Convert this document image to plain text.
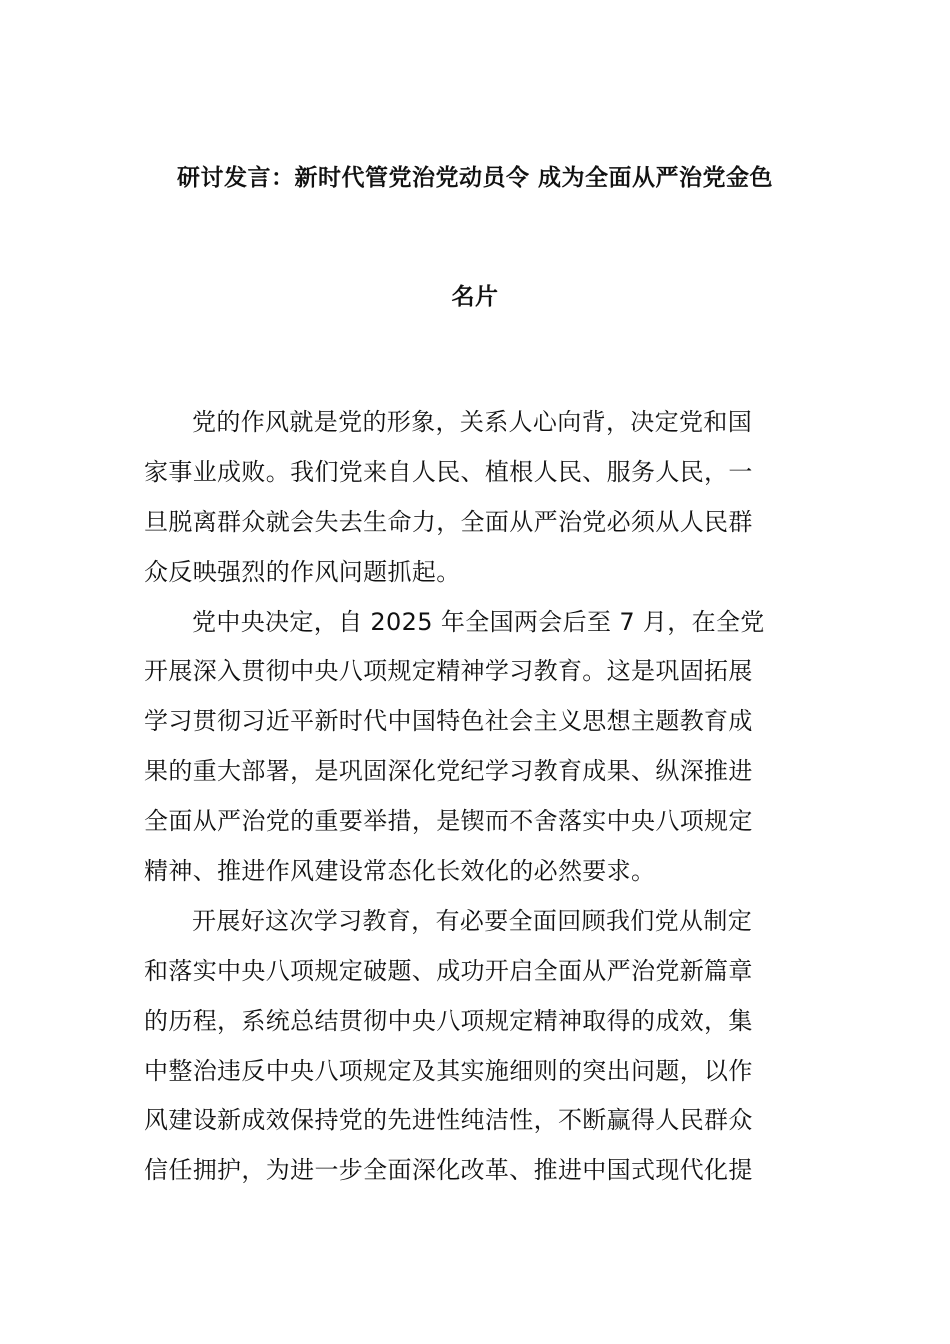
研讨发言：新时代管党治党动员令 成为全面从严治党金色
名片
党的作风就是党的形象，关系人心向背，决定党和国
家事业成败。我们党来自人民、植根人民、服务人民，一
旦脱离群众就会失去生命力，全面从严治党必须从人民群
众反映强烈的作风问题抓起。
党中央决定，自 2025 年全国两会后至 7 月，在全党
开展深入贯彻中央八项规定精神学习教育。这是巩固拓展
学习贯彻习近平新时代中国特色社会主义思想主题教育成
果的重大部署，是巩固深化党纪学习教育成果、纵深推进
全面从严治党的重要举措，是锲而不舍落实中央八项规定
精神、推进作风建设常态化长效化的必然要求。
开展好这次学习教育，有必要全面回顾我们党从制定
和落实中央八项规定破题、成功开启全面从严治党新篇章
的历程，系统总结贯彻中央八项规定精神取得的成效，集
中整治违反中央八项规定及其实施细则的突出问题，以作
风建设新成效保持党的先进性纯洁性，不断赢得人民群众
信任拥护，为进一步全面深化改革、推进中国式现代化提
